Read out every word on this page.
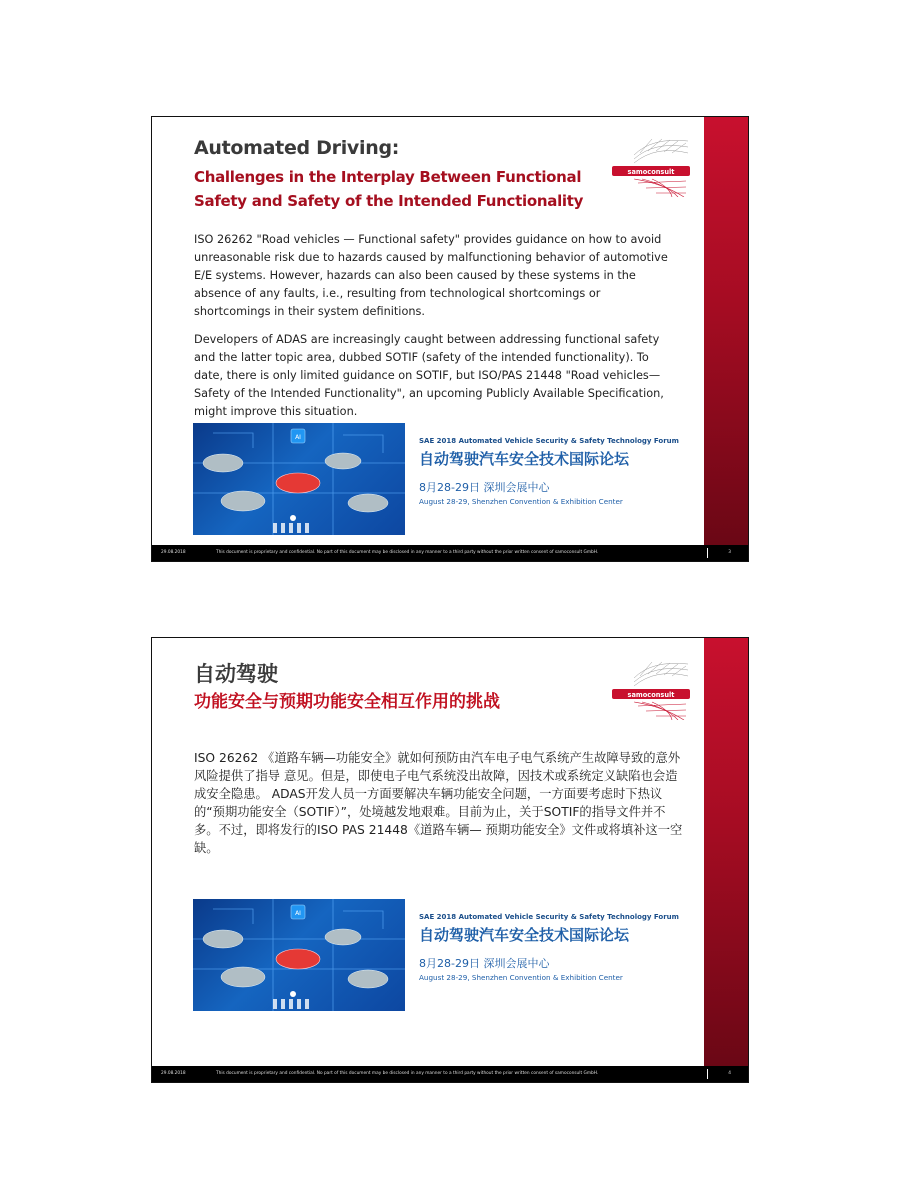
Automated Driving:
Challenges in the Interplay Between Functional
Safety and Safety of the Intended Functionality
samoconsult

ISO 26262 "Road vehicles — Functional safety" provides guidance on how to avoid unreasonable risk due to hazards caused by malfunctioning behavior of automotive E/E systems. However, hazards can also been caused by these systems in the absence of any faults, i.e., resulting from technological shortcomings or shortcomings in their system definitions.

Developers of ADAS are increasingly caught between addressing functional safety and the latter topic area, dubbed SOTIF (safety of the intended functionality). To date, there is only limited guidance on SOTIF, but ISO/PAS 21448 "Road vehicles— Safety of the Intended Functionality", an upcoming Publicly Available Specification, might improve this situation.

AI	SAE 2018 Automated Vehicle Security & Safety Technology Forum
自动驾驶汽车安全技术国际论坛
8月28-29日 深圳会展中心
August 28-29, Shenzhen Convention & Exhibition Center
29.08.2018	This document is proprietary and confidential. No part of this document may be disclosed in any manner to a third party without the prior written consent of samoconsult GmbH.	3
自动驾驶
功能安全与预期功能安全相互作用的挑战	samoconsult

ISO 26262 《道路车辆—功能安全》就如何预防由汽车电子电气系统产生故障导致的意外风险提供了指导 意见。但是，即使电子电气系统没出故障，因技术或系统定义缺陷也会造成安全隐患。 ADAS开发人员一方面要解决车辆功能安全问题，一方面要考虑时下热议的“预期功能安全（SOTIF）”，处境越发地艰难。目前为止，关于SOTIF的指导文件并不多。不过，即将发行的ISO PAS 21448《道路车辆— 预期功能安全》文件或将填补这一空缺。

AI	SAE 2018 Automated Vehicle Security & Safety Technology Forum
自动驾驶汽车安全技术国际论坛
8月28-29日 深圳会展中心
August 28-29, Shenzhen Convention & Exhibition Center
29.08.2018	This document is proprietary and confidential. No part of this document may be disclosed in any manner to a third party without the prior written consent of samoconsult GmbH.	4
